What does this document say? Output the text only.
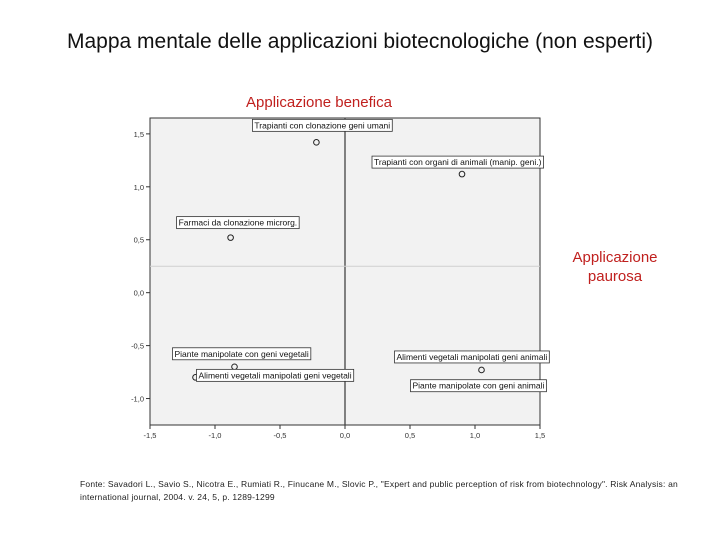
Mappa mentale delle applicazioni biotecnologiche (non esperti)
Applicazione benefica
Applicazione paurosa
1,5
1,0
0,5
0,0
-0,5
-1,0
-1,5	-1,0	-0,5	0,0	0,5	1,0	1,5
Trapianti con clonazione geni umani
Trapianti con organi di animali (manip. geni.)
Farmaci da clonazione microrg.
Piante manipolate con geni vegetali	Alimenti vegetali manipolati geni animali
Alimenti vegetali manipolati geni vegetali
Piante manipolate con geni animali
Fonte: Savadori L., Savio S., Nicotra E., Rumiati R., Finucane M., Slovic P., "Expert and public perception of risk from biotechnology". Risk Analysis: an international journal, 2004. v. 24, 5, p. 1289-1299
